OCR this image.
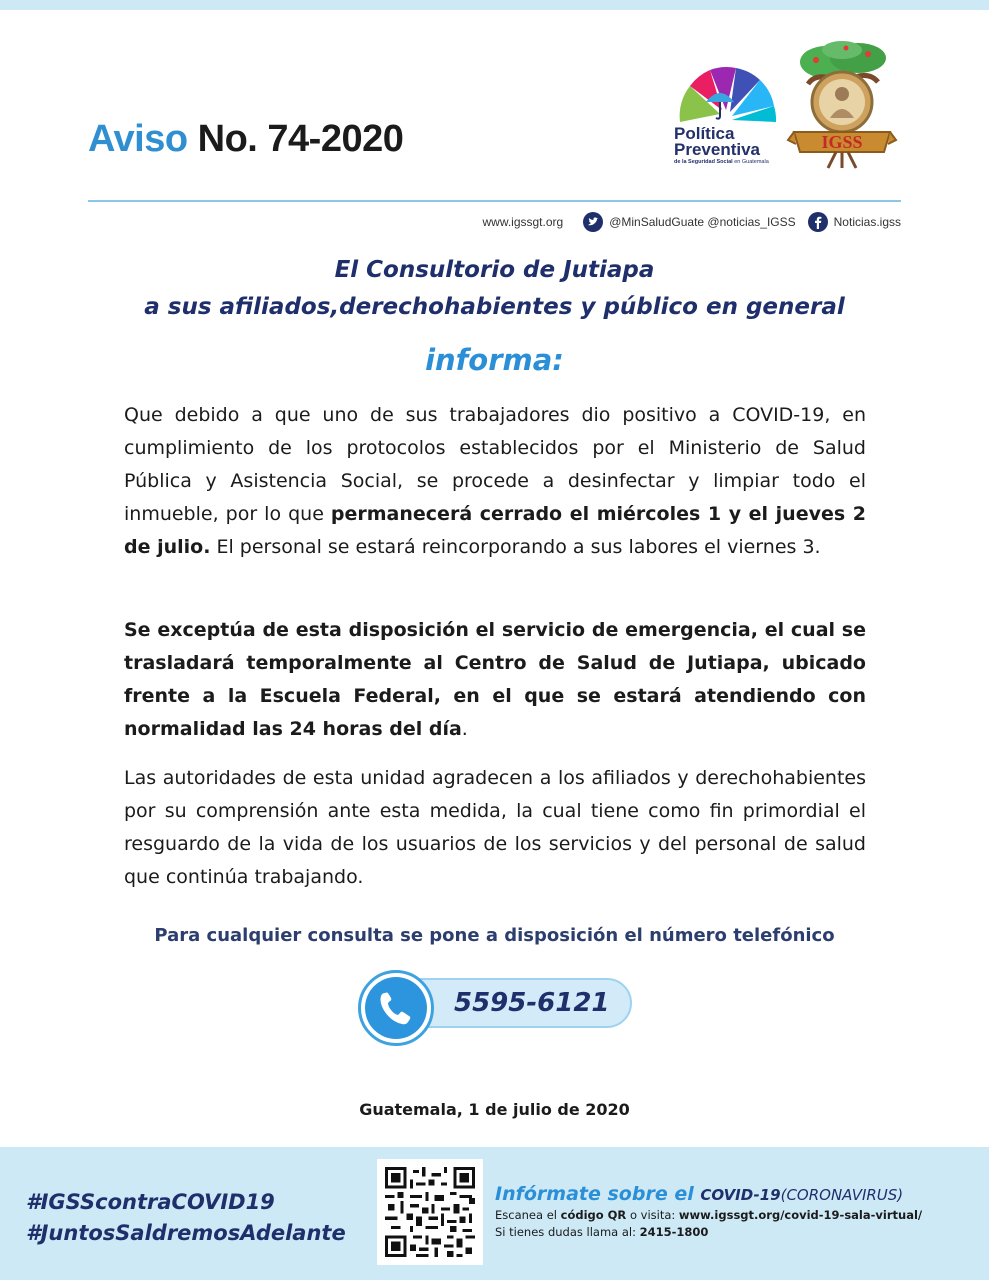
Aviso No. 74-2020	Política
Preventiva
de la Seguridad Social en Guatemala
IGSS
www.igssgt.org	@MinSaludGuate @noticias_IGSS	Noticias.igss
El Consultorio de Jutiapa
a sus afiliados,derechohabientes y público en general
informa:
Que debido a que uno de sus trabajadores dio positivo a COVID-19, en cumplimiento de los protocolos establecidos por el Ministerio de Salud Pública y Asistencia Social, se procede a desinfectar y limpiar todo el inmueble, por lo que permanecerá cerrado el miércoles 1 y el jueves 2 de julio. El personal se estará reincorporando a sus labores el viernes 3.
Se exceptúa de esta disposición el servicio de emergencia, el cual se trasladará temporalmente al Centro de Salud de Jutiapa, ubicado frente a la Escuela Federal, en el que se estará atendiendo con normalidad las 24 horas del día.
Las autoridades de esta unidad agradecen a los afiliados y derechohabientes por su comprensión ante esta medida, la cual tiene como fin primordial el resguardo de la vida de los usuarios de los servicios y del personal de salud que continúa trabajando.
Para cualquier consulta se pone a disposición el número telefónico
5595-6121
Guatemala, 1 de julio de 2020
#IGSScontraCOVID19
#JuntosSaldremosAdelante
Infórmate sobre el COVID-19(CORONAVIRUS)
Escanea el código QR o visita: www.igssgt.org/covid-19-sala-virtual/
Si tienes dudas llama al: 2415-1800
